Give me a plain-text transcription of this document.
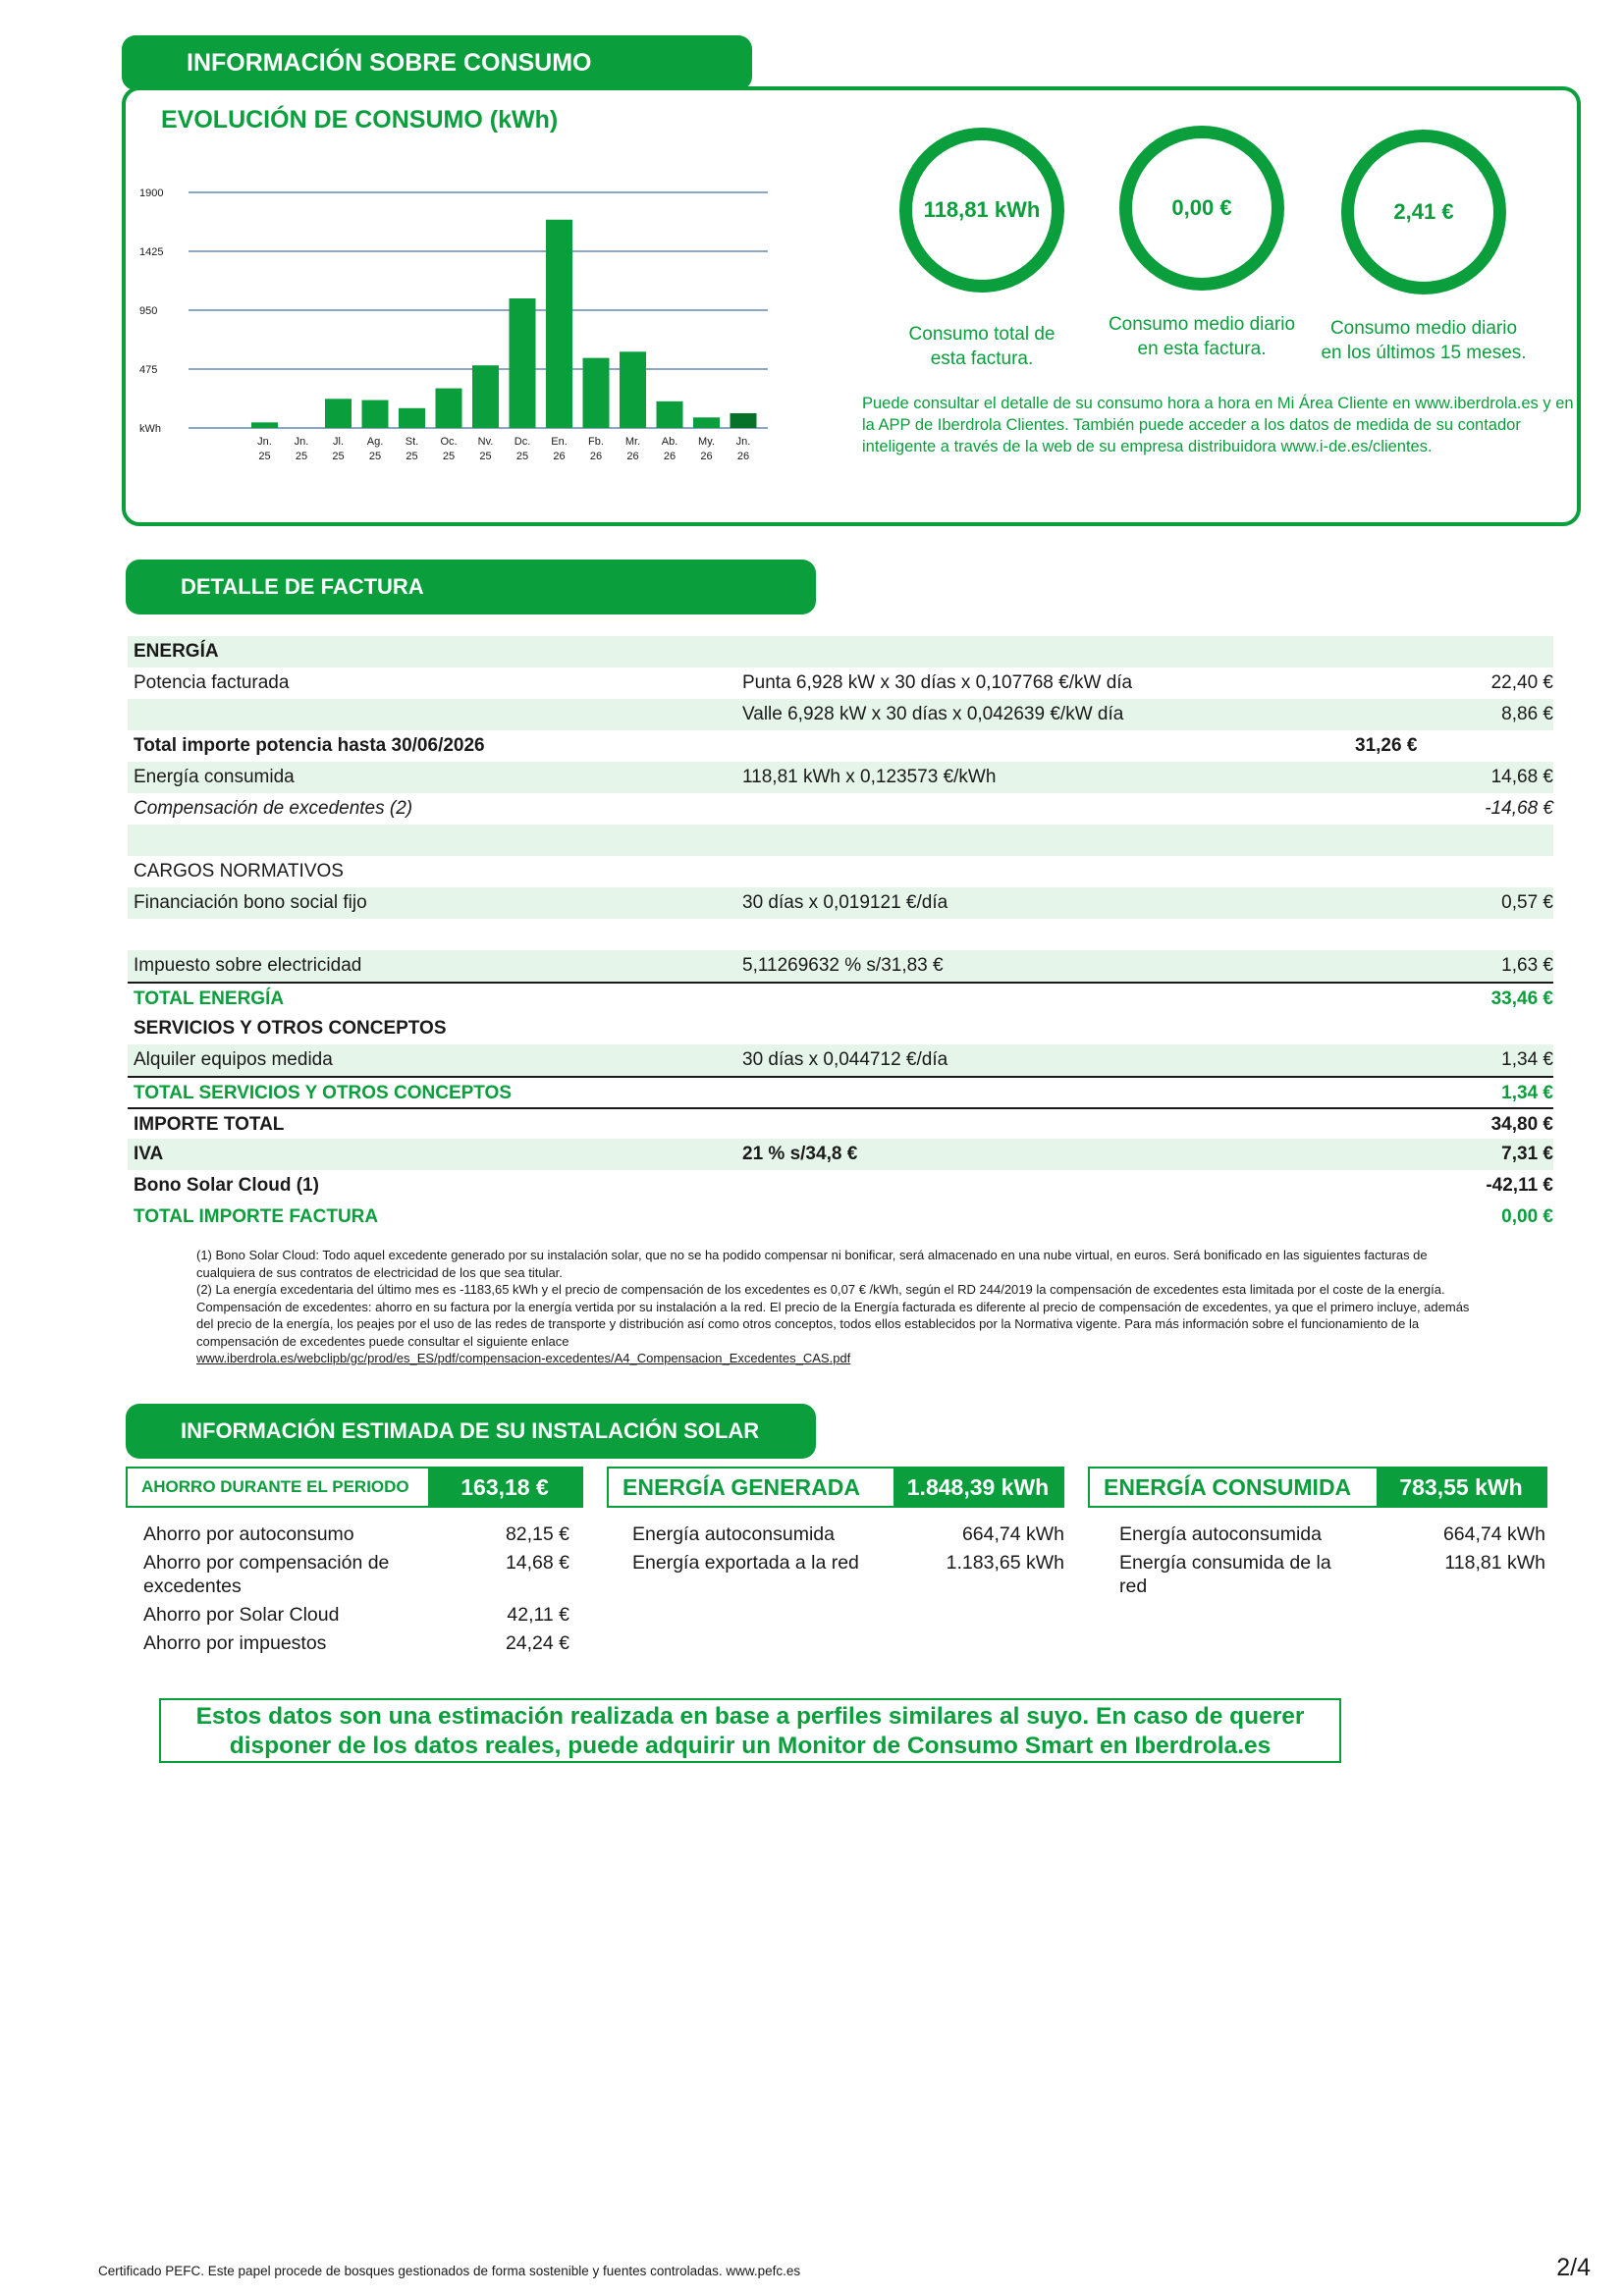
INFORMACIÓN SOBRE CONSUMO
EVOLUCIÓN DE CONSUMO (kWh)
1900
1425
950
475
kWh
Jn.
25
Jn.
25
Jl.
25
Ag.
25
St.
25
Oc.
25
Nv.
25
Dc.
25
En.
26
Fb.
26
Mr.
26
Ab.
26
My.
26
Jn.
26
118,81 kWh
Consumo total de
esta factura.
0,00 €
Consumo medio diario
en esta factura.
2,41 €
Consumo medio diario
en los últimos 15 meses.
Puede consultar el detalle de su consumo hora a hora en Mi Área Cliente en www.iberdrola.es y en la APP de Iberdrola Clientes. También puede acceder a los datos de medida de su contador inteligente a través de la web de su empresa distribuidora www.i-de.es/clientes.
DETALLE DE FACTURA
ENERGÍA
Potencia facturada	Punta 6,928 kW x 30 días x 0,107768 €/kW día	22,40 €
Valle 6,928 kW x 30 días x 0,042639 €/kW día	8,86 €
Total importe potencia hasta 30/06/2026	31,26 €
Energía consumida	118,81 kWh x 0,123573 €/kWh	14,68 €
Compensación de excedentes (2)	-14,68 €
CARGOS NORMATIVOS
Financiación bono social fijo	30 días x 0,019121 €/día	0,57 €
Impuesto sobre electricidad	5,11269632 % s/31,83 €	1,63 €
TOTAL ENERGÍA	33,46 €
SERVICIOS Y OTROS CONCEPTOS
Alquiler equipos medida	30 días x 0,044712 €/día	1,34 €
TOTAL SERVICIOS Y OTROS CONCEPTOS	1,34 €
IMPORTE TOTAL	34,80 €
IVA	21 % s/34,8 €	7,31 €
Bono Solar Cloud (1)	-42,11 €
TOTAL IMPORTE FACTURA	0,00 €
(1) Bono Solar Cloud: Todo aquel excedente generado por su instalación solar, que no se ha podido compensar ni bonificar, será almacenado en una nube virtual, en euros. Será bonificado en las siguientes facturas de cualquiera de sus contratos de electricidad de los que sea titular.
(2) La energía excedentaria del último mes es -1183,65 kWh y el precio de compensación de los excedentes es 0,07 € /kWh, según el RD 244/2019 la compensación de excedentes esta limitada por el coste de la energía.
Compensación de excedentes: ahorro en su factura por la energía vertida por su instalación a la red. El precio de la Energía facturada es diferente al precio de compensación de excedentes, ya que el primero incluye, además del precio de la energía, los peajes por el uso de las redes de transporte y distribución así como otros conceptos, todos ellos establecidos por la Normativa vigente. Para más información sobre el funcionamiento de la compensación de excedentes puede consultar el siguiente enlace
www.iberdrola.es/webclipb/gc/prod/es_ES/pdf/compensacion-excedentes/A4_Compensacion_Excedentes_CAS.pdf
INFORMACIÓN ESTIMADA DE SU INSTALACIÓN SOLAR
AHORRO DURANTE EL PERIODO	163,18 €	ENERGÍA GENERADA	1.848,39 kWh	ENERGÍA CONSUMIDA	783,55 kWh
Ahorro por autoconsumo	82,15 €
Ahorro por compensación de excedentes
14,68 €
Ahorro por Solar Cloud	42,11 €
Ahorro por impuestos	24,24 €
Energía autoconsumida	664,74 kWh
Energía exportada a la red	1.183,65 kWh
Energía autoconsumida	664,74 kWh
Energía consumida de la red
118,81 kWh
Estos datos son una estimación realizada en base a perfiles similares al suyo. En caso de querer
disponer de los datos reales, puede adquirir un Monitor de Consumo Smart en Iberdrola.es
Certificado PEFC. Este papel procede de bosques gestionados de forma sostenible y fuentes controladas. www.pefc.es	2/4
